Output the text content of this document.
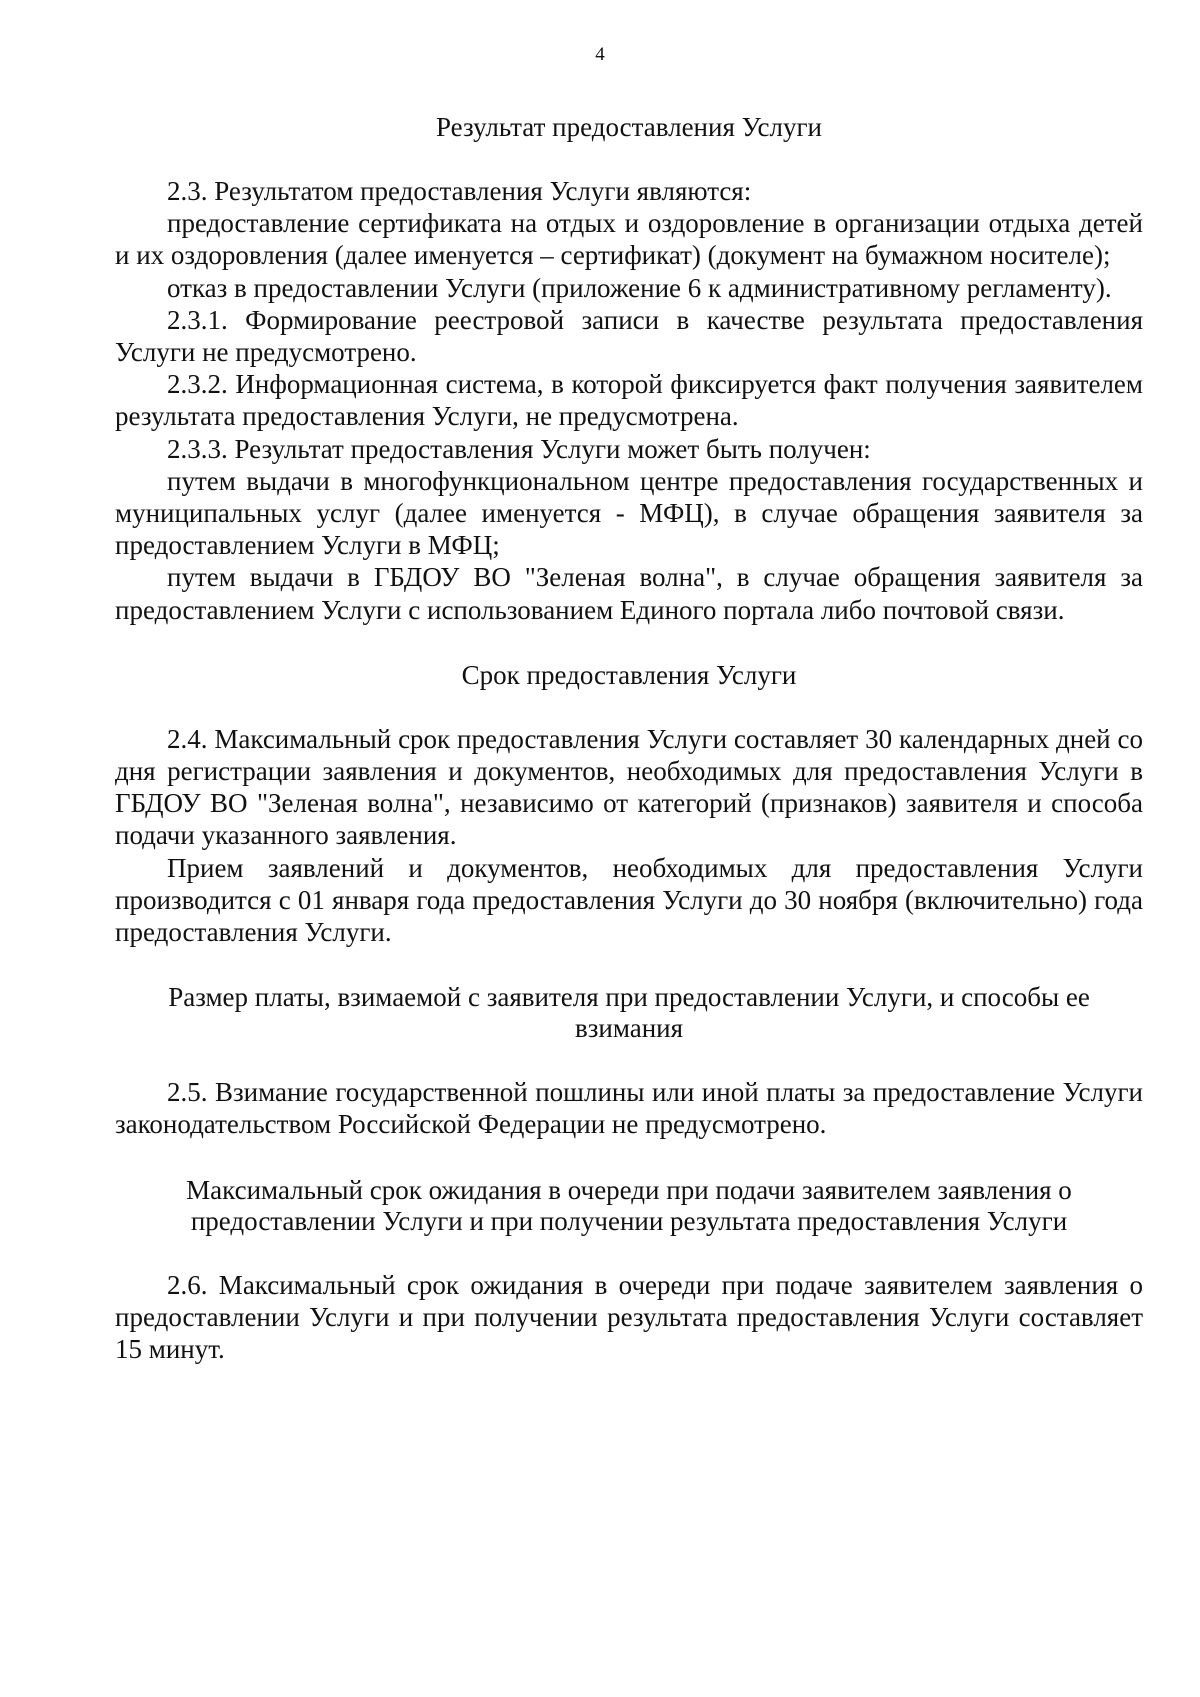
4
Результат предоставления Услуги

2.3. Результатом предоставления Услуги являются:

предоставление сертификата на отдых и оздоровление в организации отдыха детей и их оздоровления (далее именуется – сертификат) (документ на бумажном носителе);

отказ в предоставлении Услуги (приложение 6 к административному регламенту).

2.3.1. Формирование реестровой записи в качестве результата предоставления Услуги не предусмотрено.

2.3.2. Информационная система, в которой фиксируется факт получения заявителем результата предоставления Услуги, не предусмотрена.

2.3.3. Результат предоставления Услуги может быть получен:

путем выдачи в многофункциональном центре предоставления государственных и муниципальных услуг (далее именуется - МФЦ), в случае обращения заявителя за предоставлением Услуги в МФЦ;

путем выдачи в ГБДОУ ВО "Зеленая волна", в случае обращения заявителя за предоставлением Услуги с использованием Единого портала либо почтовой связи.

Срок предоставления Услуги

2.4. Максимальный срок предоставления Услуги составляет 30 календарных дней со дня регистрации заявления и документов, необходимых для предоставления Услуги в ГБДОУ ВО "Зеленая волна", независимо от категорий (признаков) заявителя и способа подачи указанного заявления.

Прием заявлений и документов, необходимых для предоставления Услуги производится с 01 января года предоставления Услуги до 30 ноября (включительно) года предоставления Услуги.

Размер платы, взимаемой с заявителя при предоставлении Услуги, и способы ее взимания

2.5. Взимание государственной пошлины или иной платы за предоставление Услуги законодательством Российской Федерации не предусмотрено.

Максимальный срок ожидания в очереди при подачи заявителем заявления о предоставлении Услуги и при получении результата предоставления Услуги

2.6. Максимальный срок ожидания в очереди при подаче заявителем заявления о предоставлении Услуги и при получении результата предоставления Услуги составляет 15 минут.
